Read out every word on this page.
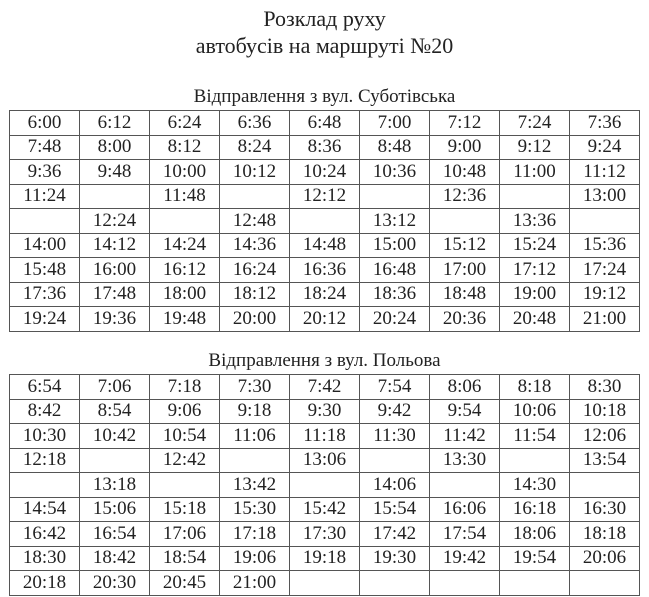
Розклад руху
автобусів на маршруті №20
Відправлення з вул. Суботівська
6:00	6:12	6:24	6:36	6:48	7:00	7:12	7:24	7:36
7:48	8:00	8:12	8:24	8:36	8:48	9:00	9:12	9:24
9:36	9:48	10:00	10:12	10:24	10:36	10:48	11:00	11:12
11:24		11:48		12:12		12:36		13:00
	12:24		12:48		13:12		13:36	
14:00	14:12	14:24	14:36	14:48	15:00	15:12	15:24	15:36
15:48	16:00	16:12	16:24	16:36	16:48	17:00	17:12	17:24
17:36	17:48	18:00	18:12	18:24	18:36	18:48	19:00	19:12
19:24	19:36	19:48	20:00	20:12	20:24	20:36	20:48	21:00
Відправлення з вул. Польова
6:54	7:06	7:18	7:30	7:42	7:54	8:06	8:18	8:30
8:42	8:54	9:06	9:18	9:30	9:42	9:54	10:06	10:18
10:30	10:42	10:54	11:06	11:18	11:30	11:42	11:54	12:06
12:18		12:42		13:06		13:30		13:54
	13:18		13:42		14:06		14:30	
14:54	15:06	15:18	15:30	15:42	15:54	16:06	16:18	16:30
16:42	16:54	17:06	17:18	17:30	17:42	17:54	18:06	18:18
18:30	18:42	18:54	19:06	19:18	19:30	19:42	19:54	20:06
20:18	20:30	20:45	21:00					
